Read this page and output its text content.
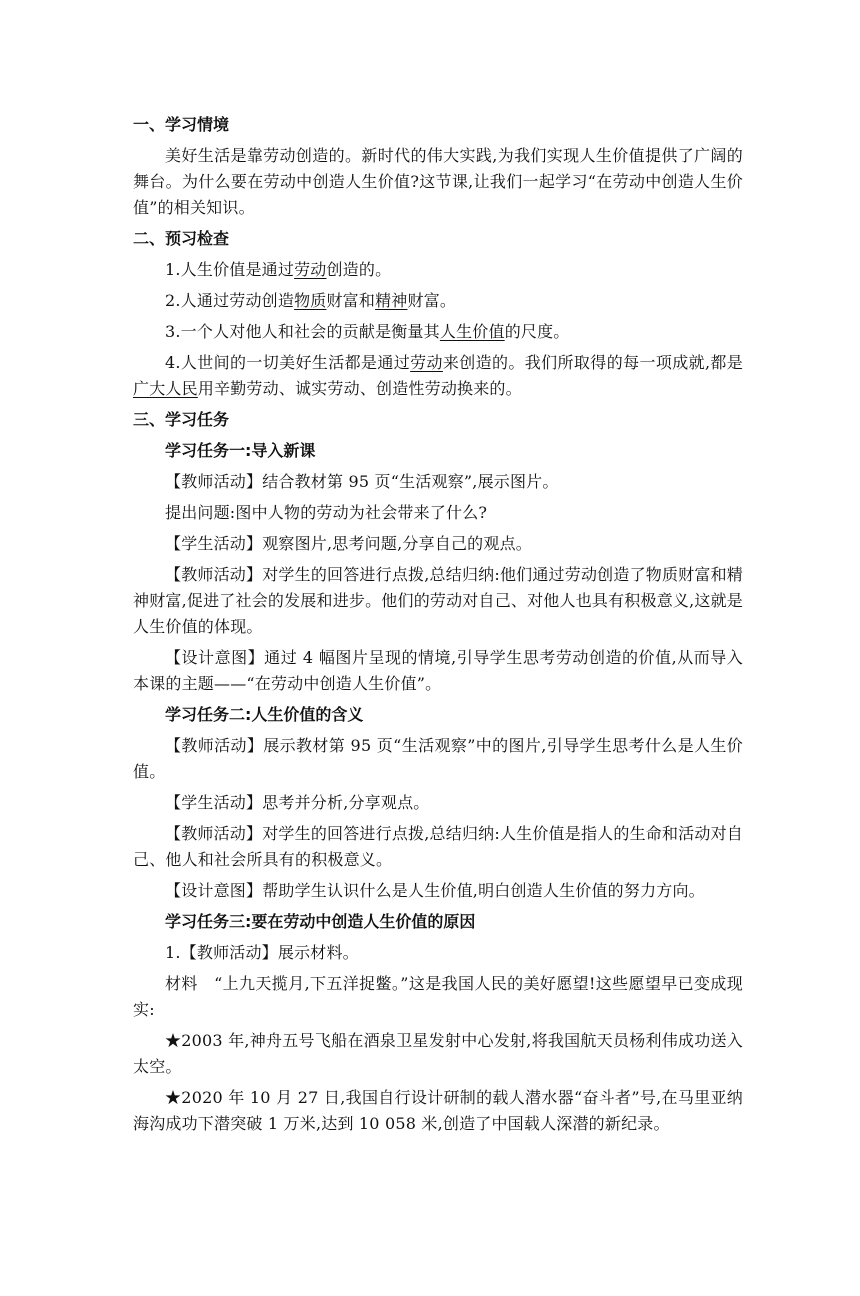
一、学习情境
美好生活是靠劳动创造的。新时代的伟大实践,为我们实现人生价值提供了广阔的舞台。为什么要在劳动中创造人生价值?这节课,让我们一起学习“在劳动中创造人生价值”的相关知识。
二、预习检查
1.人生价值是通过劳动创造的。
2.人通过劳动创造物质财富和精神财富。
3.一个人对他人和社会的贡献是衡量其人生价值的尺度。
4.人世间的一切美好生活都是通过劳动来创造的。我们所取得的每一项成就,都是广大人民用辛勤劳动、诚实劳动、创造性劳动换来的。
三、学习任务
学习任务一:导入新课
【教师活动】结合教材第 95 页“生活观察”,展示图片。
提出问题:图中人物的劳动为社会带来了什么?
【学生活动】观察图片,思考问题,分享自己的观点。
【教师活动】对学生的回答进行点拨,总结归纳:他们通过劳动创造了物质财富和精神财富,促进了社会的发展和进步。他们的劳动对自己、对他人也具有积极意义,这就是人生价值的体现。
【设计意图】通过 4 幅图片呈现的情境,引导学生思考劳动创造的价值,从而导入本课的主题——“在劳动中创造人生价值”。
学习任务二:人生价值的含义
【教师活动】展示教材第 95 页“生活观察”中的图片,引导学生思考什么是人生价值。
【学生活动】思考并分析,分享观点。
【教师活动】对学生的回答进行点拨,总结归纳:人生价值是指人的生命和活动对自己、他人和社会所具有的积极意义。
【设计意图】帮助学生认识什么是人生价值,明白创造人生价值的努力方向。
学习任务三:要在劳动中创造人生价值的原因
1.【教师活动】展示材料。
材料　“上九天揽月,下五洋捉鳖。”这是我国人民的美好愿望!这些愿望早已变成现实:
★2003 年,神舟五号飞船在酒泉卫星发射中心发射,将我国航天员杨利伟成功送入太空。
★2020 年 10 月 27 日,我国自行设计研制的载人潜水器“奋斗者”号,在马里亚纳海沟成功下潜突破 1 万米,达到 10 058 米,创造了中国载人深潜的新纪录。
